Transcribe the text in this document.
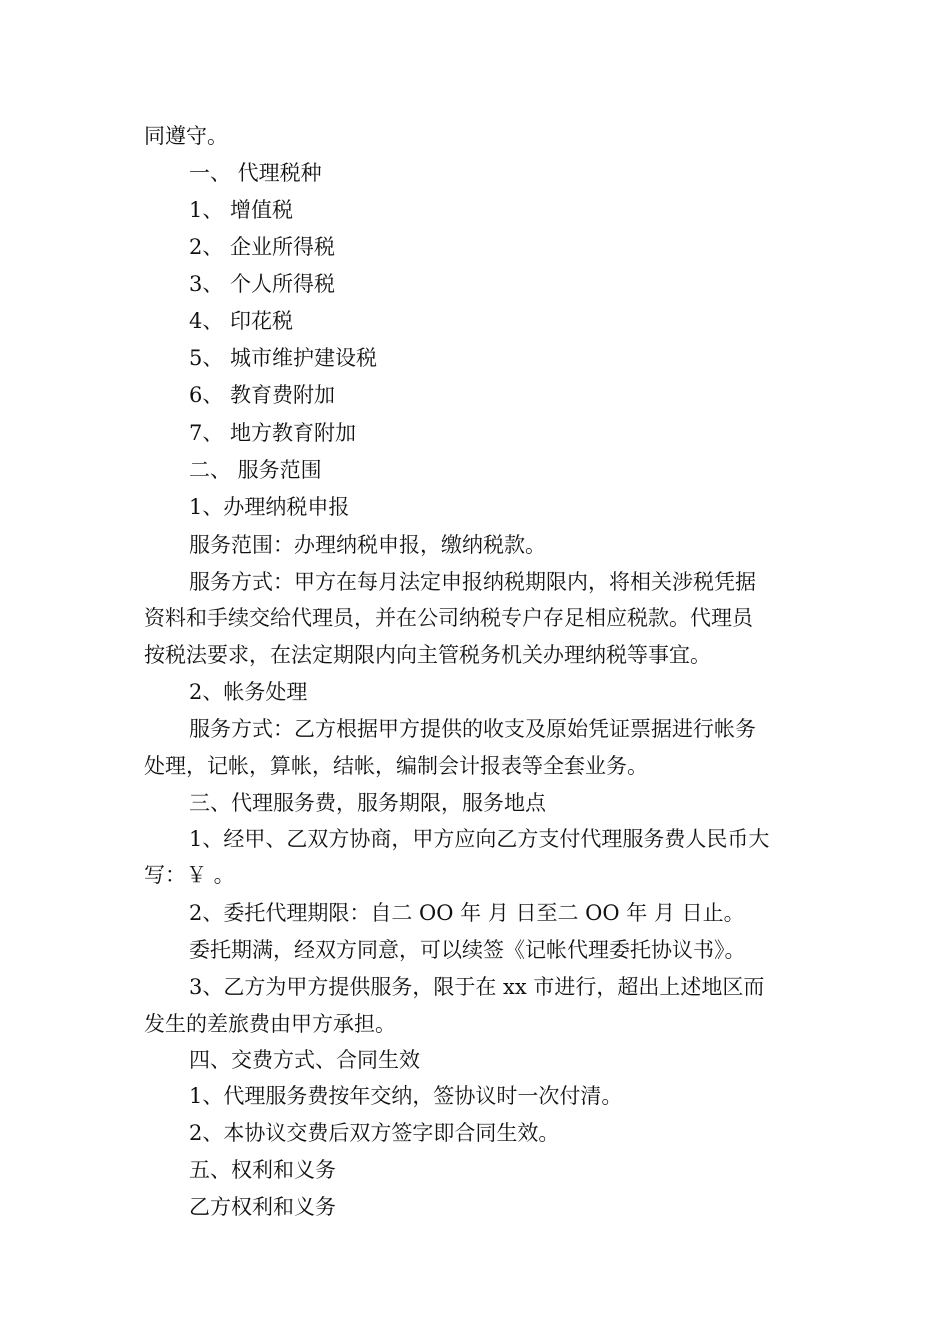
同遵守。
一、 代理税种
1、 增值税
2、 企业所得税
3、 个人所得税
4、 印花税
5、 城市维护建设税
6、 教育费附加
7、 地方教育附加
二、 服务范围
1、办理纳税申报
服务范围：办理纳税申报，缴纳税款。
服务方式：甲方在每月法定申报纳税期限内，将相关涉税凭据
资料和手续交给代理员，并在公司纳税专户存足相应税款。代理员
按税法要求，在法定期限内向主管税务机关办理纳税等事宜。
2、帐务处理
服务方式：乙方根据甲方提供的收支及原始凭证票据进行帐务
处理，记帐，算帐，结帐，编制会计报表等全套业务。
三、代理服务费，服务期限，服务地点
1、经甲、乙双方协商，甲方应向乙方支付代理服务费人民币大
写：￥ 。
2、委托代理期限：自二 OO 年 月 日至二 OO 年 月 日止。
委托期满，经双方同意，可以续签《记帐代理委托协议书》。
3、乙方为甲方提供服务，限于在 xx 市进行，超出上述地区而
发生的差旅费由甲方承担。
四、交费方式、合同生效
1、代理服务费按年交纳，签协议时一次付清。
2、本协议交费后双方签字即合同生效。
五、权利和义务
乙方权利和义务
